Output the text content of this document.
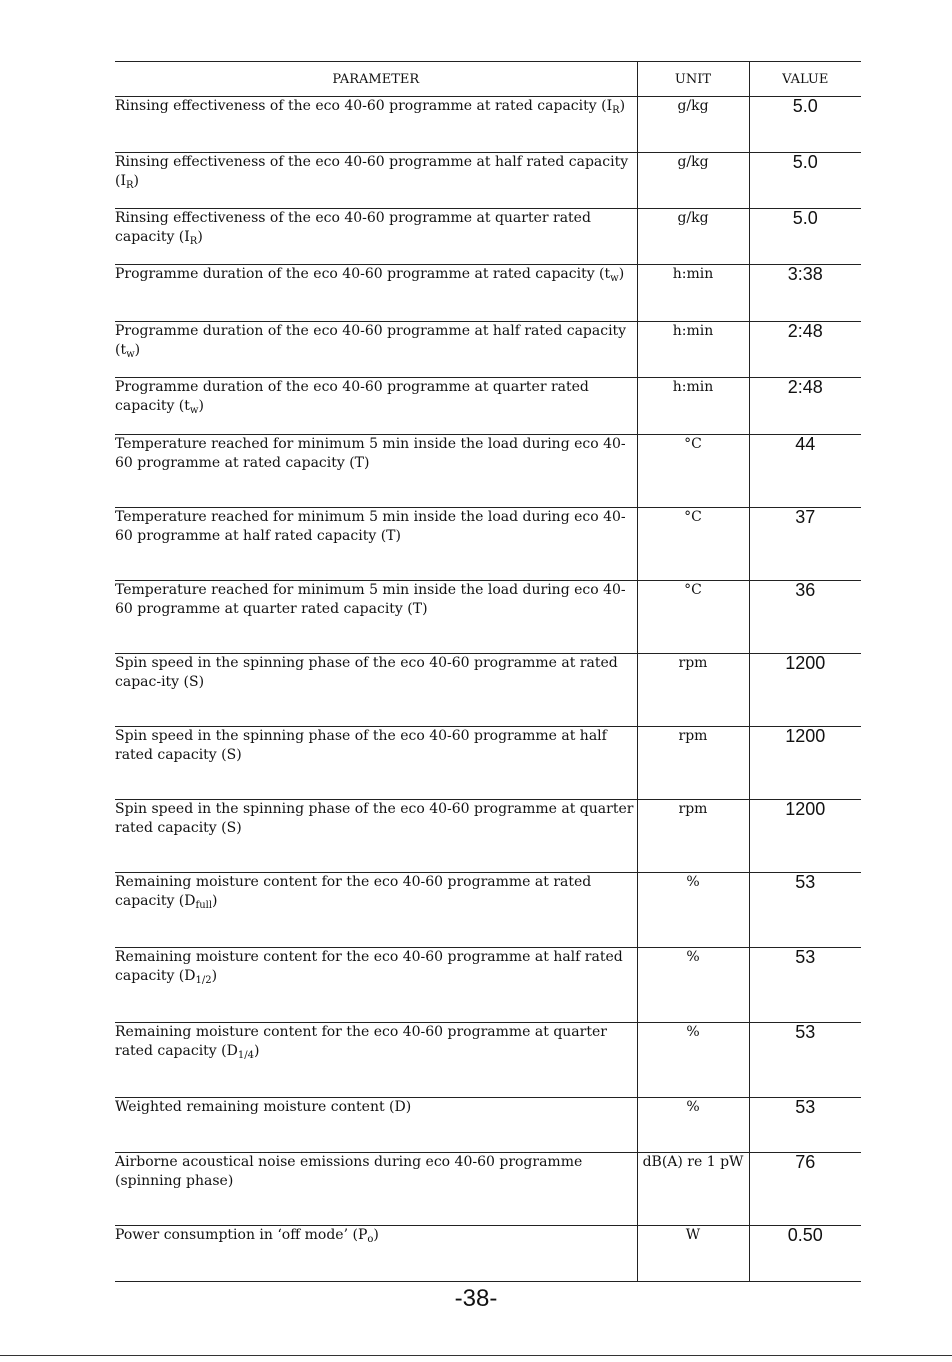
PARAMETER	UNIT	VALUE
Rinsing effectiveness of the eco 40-60 programme at rated capacity $(I_R)$	g/kg	5.0
Rinsing effectiveness of the eco 40-60 programme at half rated capacity $(I_R)$	g/kg	5.0
Rinsing effectiveness of the eco 40-60 programme at quarter rated capacity $(I_R)$	g/kg	5.0
Programme duration of the eco 40-60 programme at rated capacity $(t_w)$	h:min	3:38
Programme duration of the eco 40-60 programme at half rated capacity $(t_w)$	h:min	2:48
Programme duration of the eco 40-60 programme at quarter rated capacity $(t_w)$	h:min	2:48
Temperature reached for minimum 5 min inside the load during eco 40-60 programme at rated capacity (T)	°C	44
Temperature reached for minimum 5 min inside the load during eco 40-60 programme at half rated capacity (T)	°C	37
Temperature reached for minimum 5 min inside the load during eco 40-60 programme at quarter rated capacity (T)	°C	36
Spin speed in the spinning phase of the eco 40-60 programme at rated capac-ity (S)	rpm	1200
Spin speed in the spinning phase of the eco 40-60 programme at half rated capacity (S)	rpm	1200
Spin speed in the spinning phase of the eco 40-60 programme at quarter rated capacity (S)	rpm	1200
Remaining moisture content for the eco 40-60 programme at rated capacity $(D_{full})$	%	53
Remaining moisture content for the eco 40-60 programme at half rated capacity $(D_{1/2})$	%	53
Remaining moisture content for the eco 40-60 programme at quarter rated capacity $(D_{1/4})$	%	53
Weighted remaining moisture content (D)	%	53
Airborne acoustical noise emissions during eco 40-60 programme (spinning phase)	dB(A) re 1 pW	76
Power consumption in ‘off mode’ $(P_o)$	W	0.50
-38-
